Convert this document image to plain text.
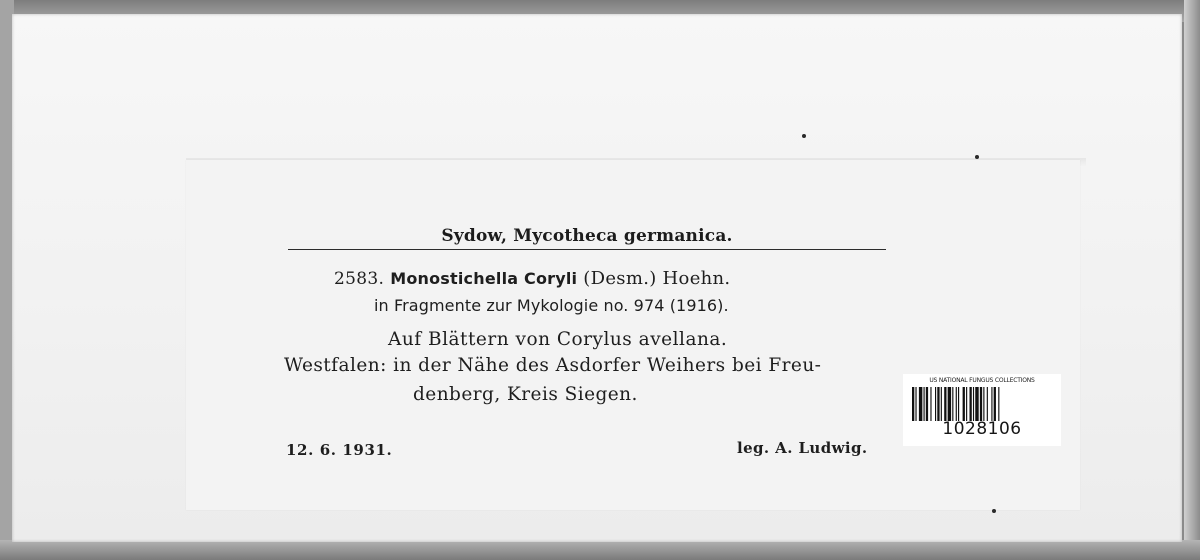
Sydow, Mycotheca germanica.
2583. Monostichella Coryli (Desm.) Hoehn.
in Fragmente zur Mykologie no. 974 (1916).
Auf Blättern von Corylus avellana.
Westfalen: in der Nähe des Asdorfer Weihers bei Freu-
denberg, Kreis Siegen.
12. 6. 1931.	leg. A. Ludwig.
US NATIONAL FUNGUS COLLECTIONS
1028106
